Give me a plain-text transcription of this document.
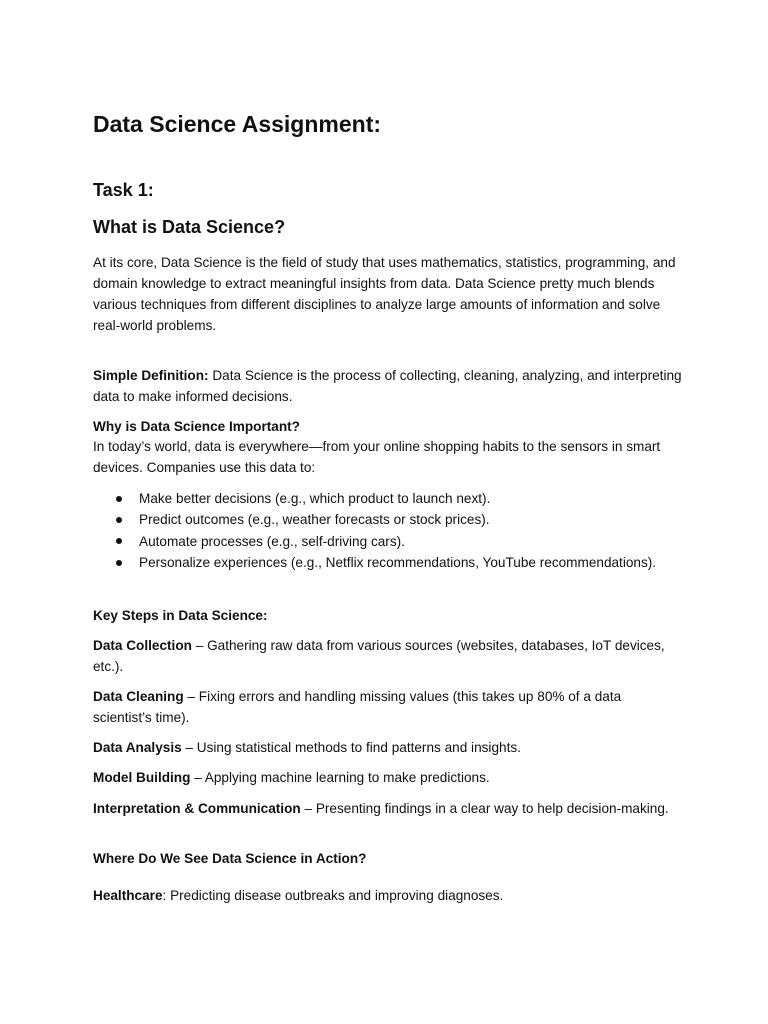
Data Science Assignment:
Task 1:
What is Data Science?

At its core, Data Science is the field of study that uses mathematics, statistics, programming, and domain knowledge to extract meaningful insights from data. Data Science pretty much blends various techniques from different disciplines to analyze large amounts of information and solve real-world problems.

Simple Definition: Data Science is the process of collecting, cleaning, analyzing, and interpreting data to make informed decisions.

Why is Data Science Important?

In today’s world, data is everywhere—from your online shopping habits to the sensors in smart devices. Companies use this data to:

Make better decisions (e.g., which product to launch next).
Predict outcomes (e.g., weather forecasts or stock prices).
Automate processes (e.g., self-driving cars).
Personalize experiences (e.g., Netflix recommendations, YouTube recommendations).

Key Steps in Data Science:

Data Collection – Gathering raw data from various sources (websites, databases, IoT devices, etc.).

Data Cleaning – Fixing errors and handling missing values (this takes up 80% of a data scientist’s time).

Data Analysis – Using statistical methods to find patterns and insights.

Model Building – Applying machine learning to make predictions.

Interpretation & Communication – Presenting findings in a clear way to help decision-making.

Where Do We See Data Science in Action?

Healthcare: Predicting disease outbreaks and improving diagnoses.
